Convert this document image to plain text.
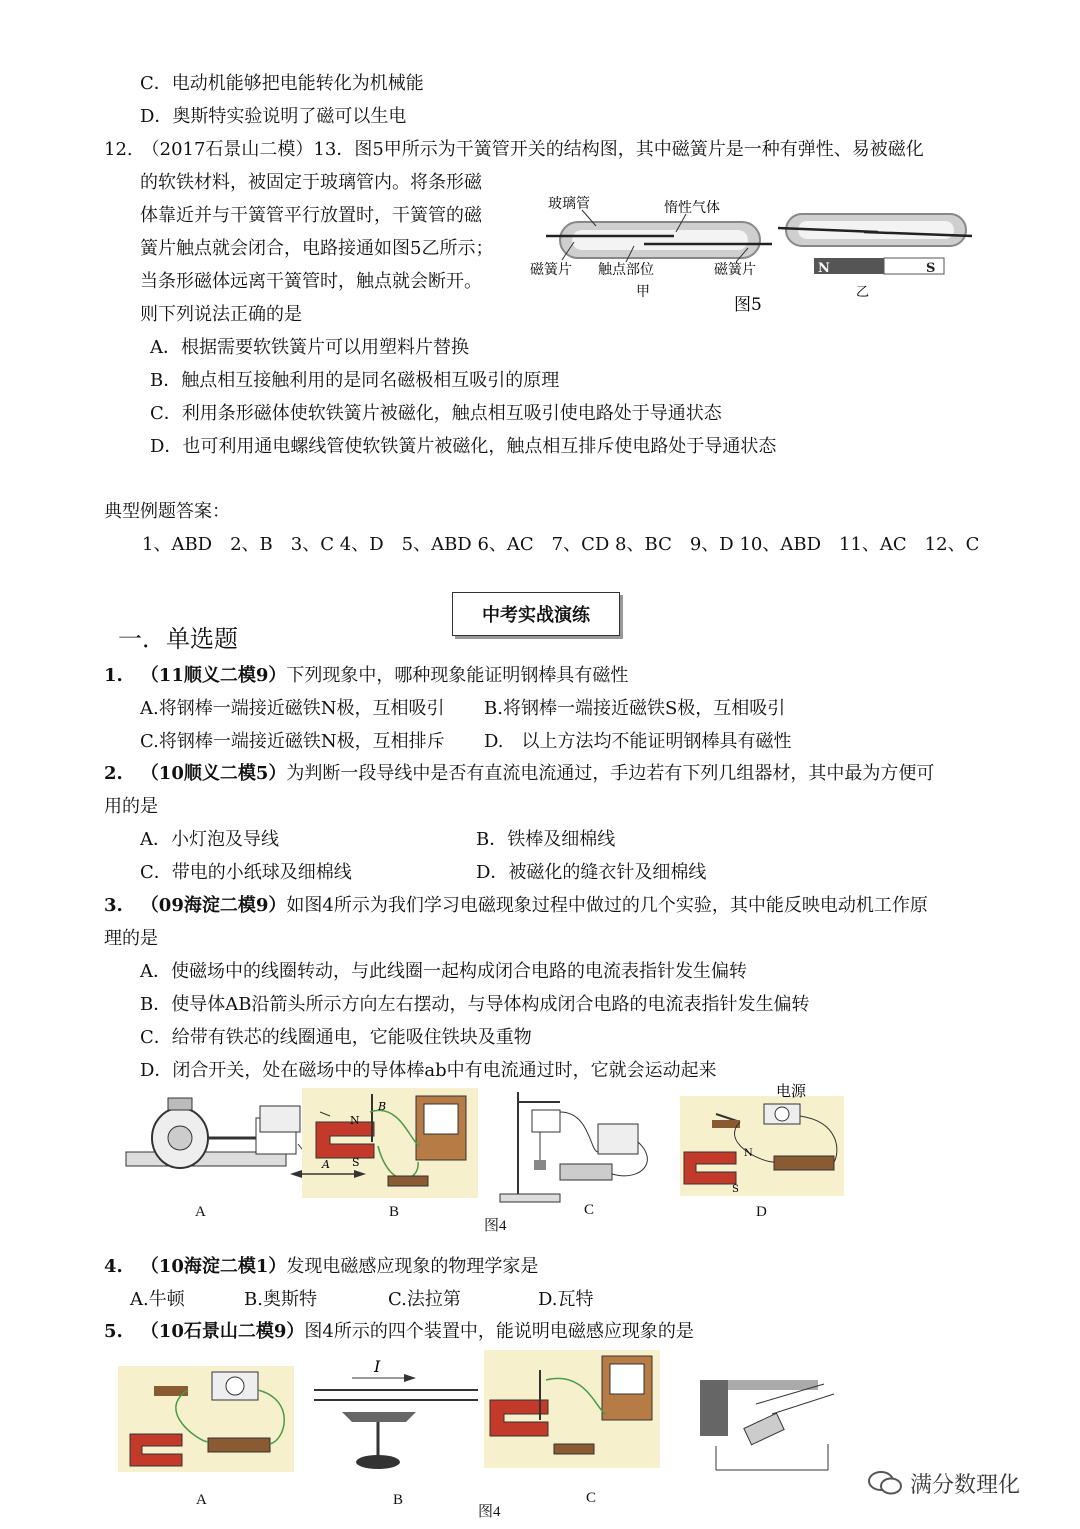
C．电动机能够把电能转化为机械能
D．奥斯特实验说明了磁可以生电
12.　（2017石景山二模）13．图5甲所示为干簧管开关的结构图，其中磁簧片是一种有弹性、易被磁化
的软铁材料，被固定于玻璃管内。将条形磁
体靠近并与干簧管平行放置时，干簧管的磁
簧片触点就会闭合，电路接通如图5乙所示；
当条形磁体远离干簧管时，触点就会断开。
则下列说法正确的是
玻璃管	惰性气体
磁簧片 触点部位	磁簧片
甲
N	S
乙
图5
A．根据需要软铁簧片可以用塑料片替换
B．触点相互接触利用的是同名磁极相互吸引的原理
C．利用条形磁体使软铁簧片被磁化，触点相互吸引使电路处于导通状态
D．也可利用通电螺线管使软铁簧片被磁化，触点相互排斥使电路处于导通状态
典型例题答案：
1、ABD　2、B　3、C 4、D　5、ABD 6、AC　7、CD 8、BC　9、D 10、ABD　11、AC　12、C
中考实战演练
一．单选题
1.  （11顺义二模9）下列现象中，哪种现象能证明钢棒具有磁性
A.将钢棒一端接近磁铁N极，互相吸引 B.将钢棒一端接近磁铁S极，互相吸引
C.将钢棒一端接近磁铁N极，互相排斥 D.　以上方法均不能证明钢棒具有磁性
2.  （10顺义二模5）为判断一段导线中是否有直流电流通过，手边若有下列几组器材，其中最为方便可
用的是
A．小灯泡及导线	B．铁棒及细棉线
C．带电的小纸球及细棉线	D．被磁化的缝衣针及细棉线
3.  （09海淀二模9）如图4所示为我们学习电磁现象过程中做过的几个实验，其中能反映电动机工作原
理的是
A．使磁场中的线圈转动，与此线圈一起构成闭合电路的电流表指针发生偏转
B．使导体AB沿箭头所示方向左右摆动，与导体构成闭合电路的电流表指针发生偏转
C．给带有铁芯的线圈通电，它能吸住铁块及重物
D．闭合开关，处在磁场中的导体棒ab中有电流通过时，它就会运动起来
N
B
A S
电源
N
S
A	B	C	D
图4
4.  （10海淀二模1）发现电磁感应现象的物理学家是
A.牛顿	B.奥斯特	C.法拉第	D.瓦特
5.  （10石景山二模9）图4所示的四个装置中，能说明电磁感应现象的是
I
A	B	C
图4
满分数理化
